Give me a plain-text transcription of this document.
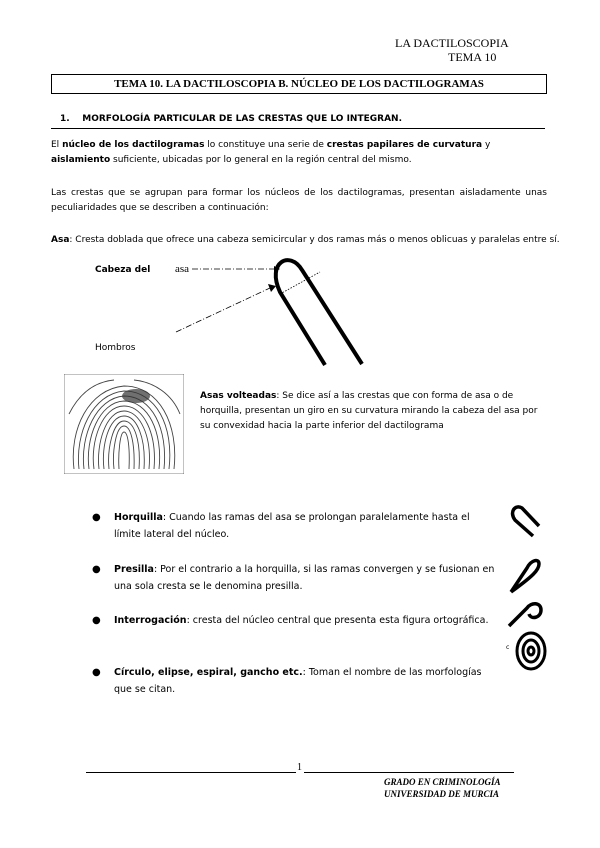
LA DACTILOSCOPIA
TEMA 10
TEMA 10. LA DACTILOSCOPIA B. NÚCLEO DE LOS DACTILOGRAMAS
1. MORFOLOGÍA PARTICULAR DE LAS CRESTAS QUE LO INTEGRAN.
El núcleo de los dactilogramas lo constituye una serie de crestas papilares de curvatura y aislamiento suficiente, ubicadas por lo general en la región central del mismo.
Las crestas que se agrupan para formar los núcleos de los dactilogramas, presentan aisladamente unas peculiaridades que se describen a continuación:
Asa: Cresta doblada que ofrece una cabeza semicircular y dos ramas más o menos oblicuas y paralelas entre sí.
Cabeza del asa
Hombros
Asas volteadas: Se dice así a las crestas que con forma de asa o de horquilla, presentan un giro en su curvatura mirando la cabeza del asa por su convexidad hacia la parte inferior del dactilograma
● Horquilla: Cuando las ramas del asa se prolongan paralelamente hasta el límite lateral del núcleo.
● Presilla: Por el contrario a la horquilla, si las ramas convergen y se fusionan en una sola cresta se le denomina presilla.
● Interrogación: cresta del núcleo central que presenta esta figura ortográfica.
● Círculo, elipse, espiral, gancho etc.: Toman el nombre de las morfologías que se citan.
c
1
GRADO EN CRIMINOLOGÍA
UNIVERSIDAD DE MURCIA
